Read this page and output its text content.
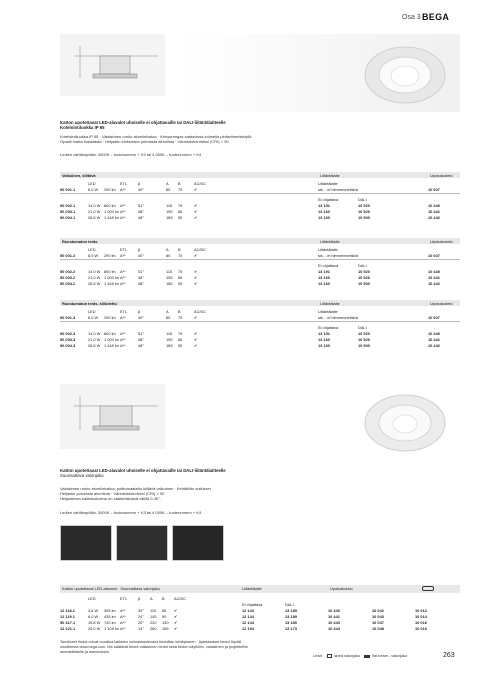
Osa 3 BEGA
Katton upotettavat LED-alavalot uhoiselle ei ohjattavaille tai DALI-liitäntälaitteelle
Kotelointiluokka IP 65
Kotelointiluokka IP 65 · Valaisimen runko alumiinivalua · Kehysrengas saatavissa kolmella pintaviimeistelyllä
Opaali matta lineaalista · Heijastin eloksoitua puhdasta alumiinia · Värintoistoindeksi (CRI) > 90
Ledien värilämpötila: 3000K – tuotenumero + K3 tai 4 000K – tuotenumero + K4
Valkoinen, kiiltävä	Liitäntälaite	Upotuskotelo
LED	ETL	β	A B	AC/DC	Liitäntälaite
50 001.1	6,0 W 290 lm A**	40°	80 70	✔	sis. - ei himmennettävä	10 607
Ei ohjattava	DALI
50 002.1	14,0 W 800 lm A**	51°	115 75	✔	13 191	10 520	10 440
50 003.1	21,0 W 1 000 lm A**	48°	155 85	✔	13 160	10 526	10 441
50 004.1	28,5 W 1 445 lm A**	48°	185 95	✔	13 160	10 500	10 442
Ruostumaton teräs	Liitäntälaite	Upotuskotelo
LED	ETL	β	A B	AC/DC	Liitäntälaite
50 001.2	6,0 W 290 lm A**	40°	80 70	✔	sis. - ei himmennettävä	10 607
Ei ohjattava	DALI
50 002.2	14,0 W 800 lm A**	51°	115 75	✔	13 191	10 520	10 440
50 003.2	21,0 W 1 000 lm A**	48°	155 85	✔	13 160	10 526	10 441
50 004.2	28,5 W 1 445 lm A**	48°	185 95	✔	13 160	10 500	10 442
Ruostumaton teräs, kiillotettu	Liitäntälaite	Upotuskotelo
LED	ETL	β	A B	AC/DC	Liitäntälaite
50 001.3	6,0 W 290 lm A**	40°	80 70	✔	sis. - ei himmennettävä	10 607
Ei ohjattava	DALI
50 002.3	14,0 W 800 lm A**	51°	115 75	✔	13 191	10 520	10 440
50 003.3	21,0 W 1 000 lm A**	48°	155 85	✔	13 160	10 526	10 441
50 004.3	28,5 W 1 445 lm A**	48°	185 95	✔	13 160	10 500	10 442
Katton upotettavat LED-alavalot · Suunnattava valonjako	Liitäntälaite	Upotuskotelo
LED	ETL	β	A B AC/DC
Ei ohjattava	DALI
12 118.1	4,6 W 305 lm A**	30° 110 85 ✔	12 144	13 189	10 440	10 042	10 012
12 119.1	6,0 W 435 lm A**	24° 145 90 ✔	12 144	13 189	10 441	10 043	10 014
50 417.1	15,8 W 740 lm A**	20° 220 130 ✔	12 144	13 189	10 443	10 047	10 016
12 121.1	25,0 W 1 108 lm A**	14° 280 155 ✔	12 194	13 173	10 444	10 048	10 016
Katton upotettavat LED-alavalot uhoiselle ei ohjattavaille tai DALI-liitäntälaitteelle
Suunnattava valonjako
Valaisimen runko alumiinivalua, polttomaalattu kiiltävä valkoinen · Kehäkiilto suliukset
Heijastin puhdasta alumiinia · Värintoistoindeksi (CRI) > 90
Heijastimen kallistuskulma on säädettävissä välillä 0-30°.
Ledien värilämpötila: 3000K – tuotenumero + K3 tai 4 000K – tuotenumero + K4
Tarvikkeet tiedot voivat muuttua kaikkien voimassaolevana tiedoilian kehitykseen · Ajantasaiset tiedot löydät
osoitteesta www.bega.com. Nis säätävät tiedot valaisimen tiedot sekä tiedon käyttöön, valaisimen ja projekteihin
ammattilaisille ja asennuksiin.
Linsit	laveä valonjako	flat beam - valonjako	263
